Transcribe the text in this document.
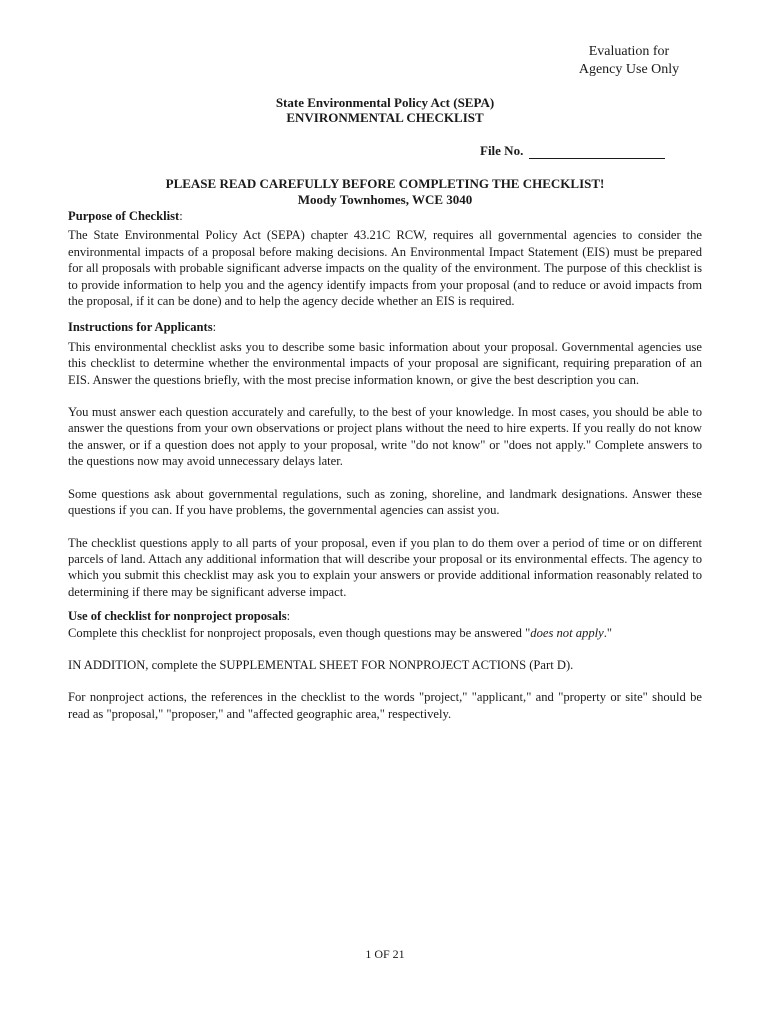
Evaluation for
Agency Use Only
State Environmental Policy Act (SEPA)
ENVIRONMENTAL CHECKLIST
File No.
PLEASE READ CAREFULLY BEFORE COMPLETING THE CHECKLIST!
Moody Townhomes, WCE 3040
Purpose of Checklist:

The State Environmental Policy Act (SEPA) chapter 43.21C RCW, requires all governmental agencies to consider the environmental impacts of a proposal before making decisions. An Environmental Impact Statement (EIS) must be prepared for all proposals with probable significant adverse impacts on the quality of the environment. The purpose of this checklist is to provide information to help you and the agency identify impacts from your proposal (and to reduce or avoid impacts from the proposal, if it can be done) and to help the agency decide whether an EIS is required.

Instructions for Applicants:

This environmental checklist asks you to describe some basic information about your proposal. Governmental agencies use this checklist to determine whether the environmental impacts of your proposal are significant, requiring preparation of an EIS. Answer the questions briefly, with the most precise information known, or give the best description you can.

You must answer each question accurately and carefully, to the best of your knowledge. In most cases, you should be able to answer the questions from your own observations or project plans without the need to hire experts. If you really do not know the answer, or if a question does not apply to your proposal, write "do not know" or "does not apply." Complete answers to the questions now may avoid unnecessary delays later.

Some questions ask about governmental regulations, such as zoning, shoreline, and landmark designations. Answer these questions if you can. If you have problems, the governmental agencies can assist you.

The checklist questions apply to all parts of your proposal, even if you plan to do them over a period of time or on different parcels of land. Attach any additional information that will describe your proposal or its environmental effects. The agency to which you submit this checklist may ask you to explain your answers or provide additional information reasonably related to determining if there may be significant adverse impact.

Use of checklist for nonproject proposals:

Complete this checklist for nonproject proposals, even though questions may be answered "does not apply."

IN ADDITION, complete the SUPPLEMENTAL SHEET FOR NONPROJECT ACTIONS (Part D).

For nonproject actions, the references in the checklist to the words "project," "applicant," and "property or site" should be read as "proposal," "proposer," and "affected geographic area," respectively.

1 OF 21
